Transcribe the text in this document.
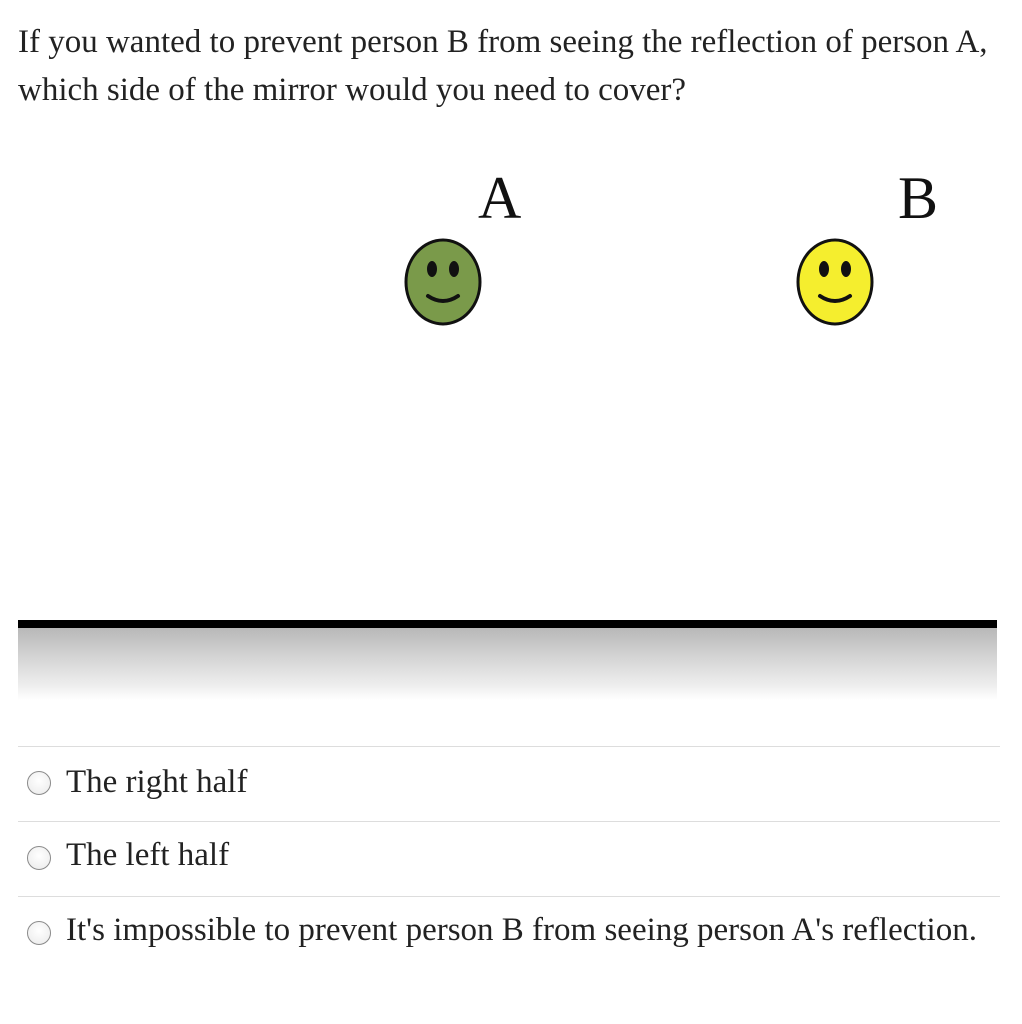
If you wanted to prevent person B from seeing the reflection of person A, which side of the mirror would you need to cover?
A	B
The right half
The left half
It's impossible to prevent person B from seeing person A's reflection.
